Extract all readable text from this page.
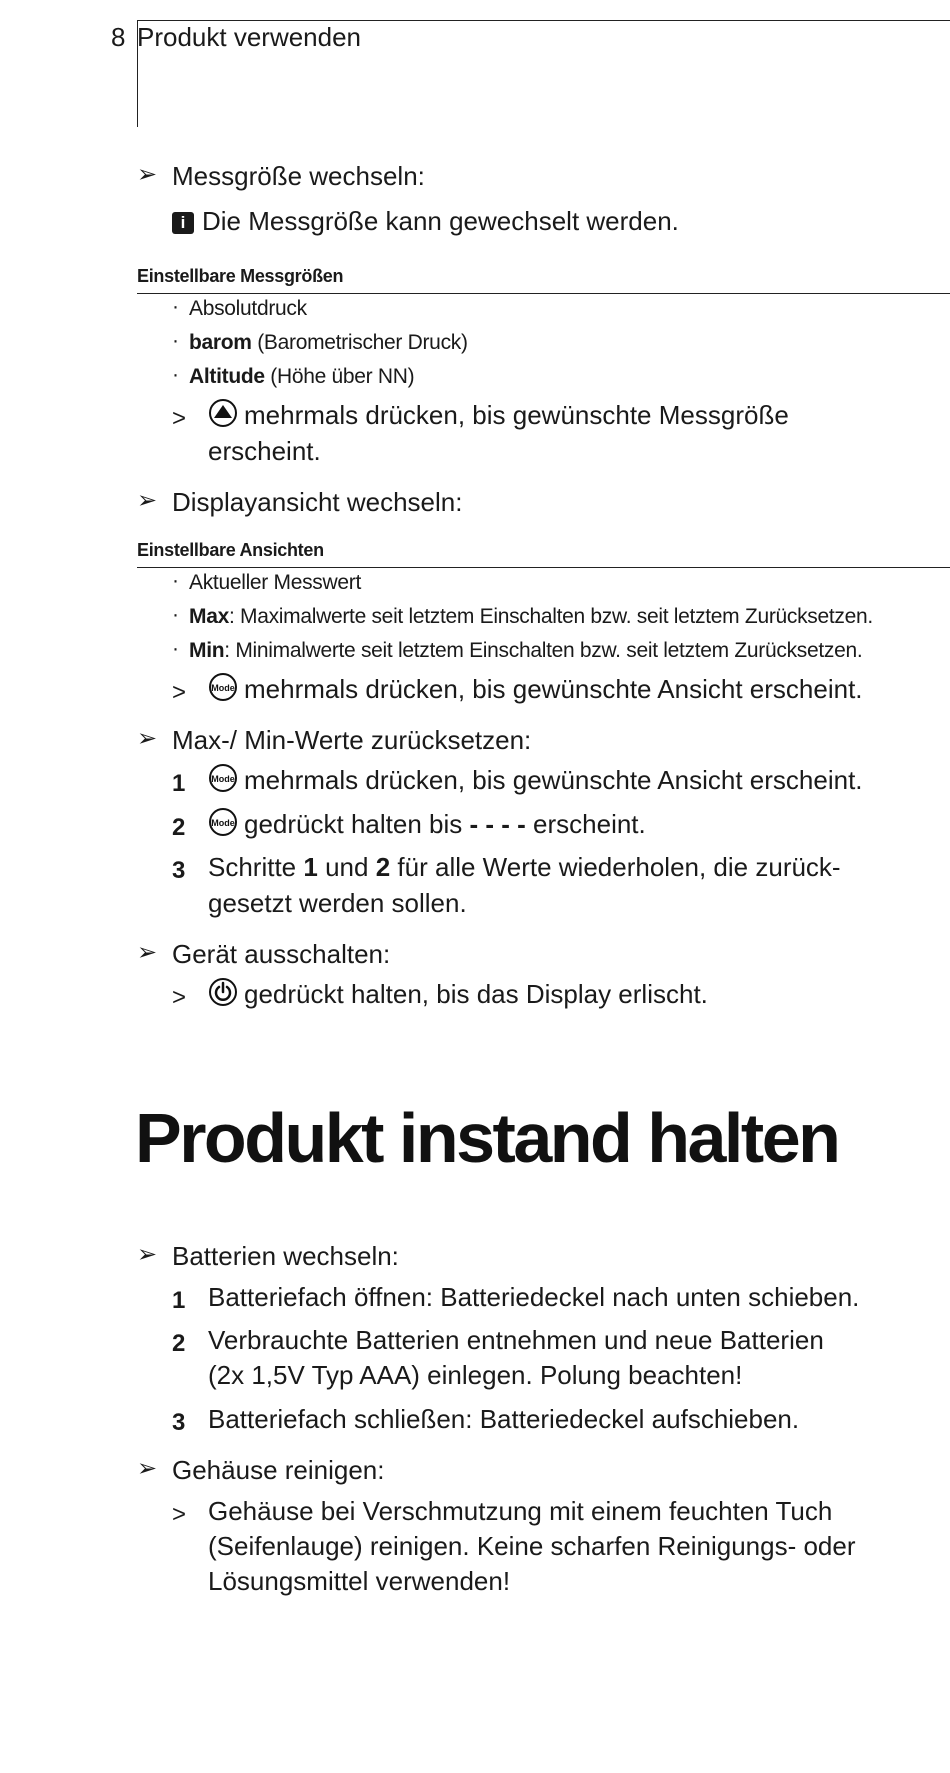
8 Produkt verwenden
➢ Messgröße wechseln:
i Die Messgröße kann gewechselt werden.
Einstellbare Messgrößen
· Absolutdruck
· barom (Barometrischer Druck)
· Altitude (Höhe über NN)
>	mehrmals drücken, bis gewünschte Messgröße
erscheint.
➢ Displayansicht wechseln:
Einstellbare Ansichten
· Aktueller Messwert
· Max: Maximalwerte seit letztem Einschalten bzw. seit letztem Zurücksetzen.
· Min: Minimalwerte seit letztem Einschalten bzw. seit letztem Zurücksetzen.
>	Mode mehrmals drücken, bis gewünschte Ansicht erscheint.
➢ Max-/ Min-Werte zurücksetzen:
1	Mode mehrmals drücken, bis gewünschte Ansicht erscheint.
2	Mode gedrückt halten bis - - - - erscheint.
3 Schritte 1 und 2 für alle Werte wiederholen, die zurück-
gesetzt werden sollen.
➢ Gerät ausschalten:
>	gedrückt halten, bis das Display erlischt.
Produkt instand halten
➢ Batterien wechseln:
1 Batteriefach öffnen: Batteriedeckel nach unten schieben.
2 Verbrauchte Batterien entnehmen und neue Batterien
(2x 1,5V Typ AAA) einlegen. Polung beachten!
3 Batteriefach schließen: Batteriedeckel aufschieben.
➢ Gehäuse reinigen:
> Gehäuse bei Verschmutzung mit einem feuchten Tuch
(Seifenlauge) reinigen. Keine scharfen Reinigungs- oder
Lösungsmittel verwenden!
